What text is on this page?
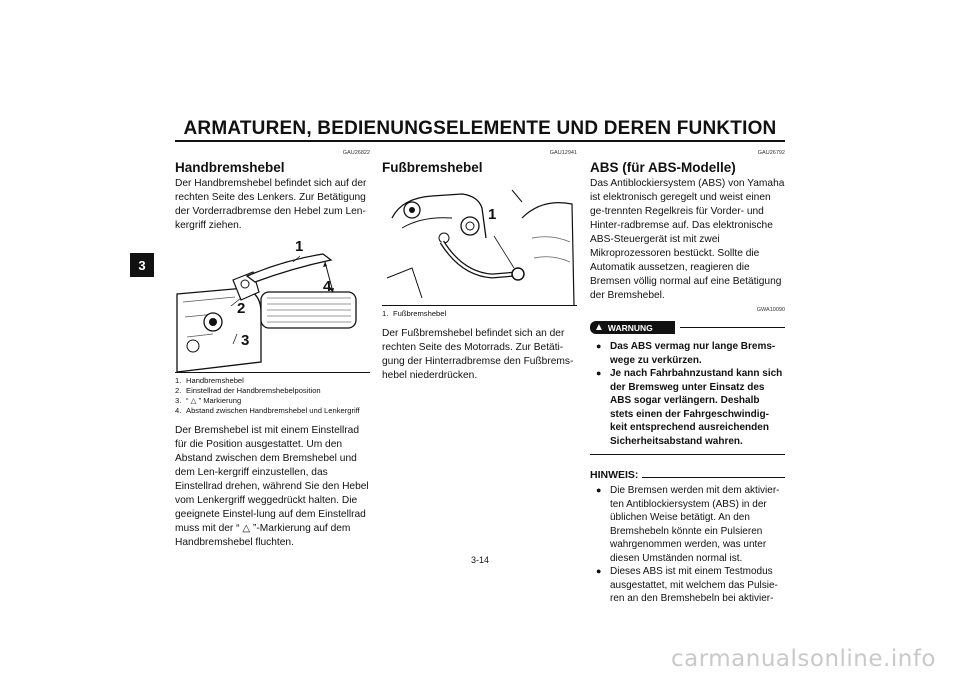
ARMATUREN, BEDIENUNGSELEMENTE UND DEREN FUNKTION
3
GAU26822
Handbremshebel

Der Handbremshebel befindet sich auf der rechten Seite des Lenkers. Zur Betätigung der Vorderradbremse den Hebel zum Len-kergriff ziehen.

1
2
3
4
1. Handbremshebel
2. Einstellrad der Handbremshebelposition
3. “ △ ” Markierung
4. Abstand zwischen Handbremshebel und Lenkergriff

Der Bremshebel ist mit einem Einstellrad für die Position ausgestattet. Um den Abstand zwischen dem Bremshebel und dem Len-kergriff einzustellen, das Einstellrad drehen, während Sie den Hebel vom Lenkergriff weggedrückt halten. Die geeignete Einstel-lung auf dem Einstellrad muss mit der “ △ ”-Markierung auf dem Handbremshebel fluchten.

GAU12941
Fußbremshebel
1
1. Fußbremshebel

Der Fußbremshebel befindet sich an der rechten Seite des Motorrads. Zur Betäti-gung der Hinterradbremse den Fußbrems-hebel niederdrücken.

GAU26792
ABS (für ABS-Modelle)

Das Antiblockiersystem (ABS) von Yamaha ist elektronisch geregelt und weist einen ge-trennten Regelkreis für Vorder- und Hinter-radbremse auf. Das elektronische ABS-Steuergerät ist mit zwei Mikroprozessoren bestückt. Sollte die Automatik aussetzen, reagieren die Bremsen völlig normal auf eine Betätigung der Bremshebel.

GWA10090
▲ WARNUNG
● Das ABS vermag nur lange Brems-wege zu verkürzen.
● Je nach Fahrbahnzustand kann sich der Bremsweg unter Einsatz des ABS sogar verlängern. Deshalb stets einen der Fahrgeschwindig-keit entsprechend ausreichenden Sicherheitsabstand wahren.
HINWEIS:
● Die Bremsen werden mit dem aktivier-ten Antiblockiersystem (ABS) in der üblichen Weise betätigt. An den Bremshebeln könnte ein Pulsieren wahrgenommen werden, was unter diesen Umständen normal ist.
● Dieses ABS ist mit einem Testmodus ausgestattet, mit welchem das Pulsie-ren an den Bremshebeln bei aktivier-
3-14
carmanualsonline.info
